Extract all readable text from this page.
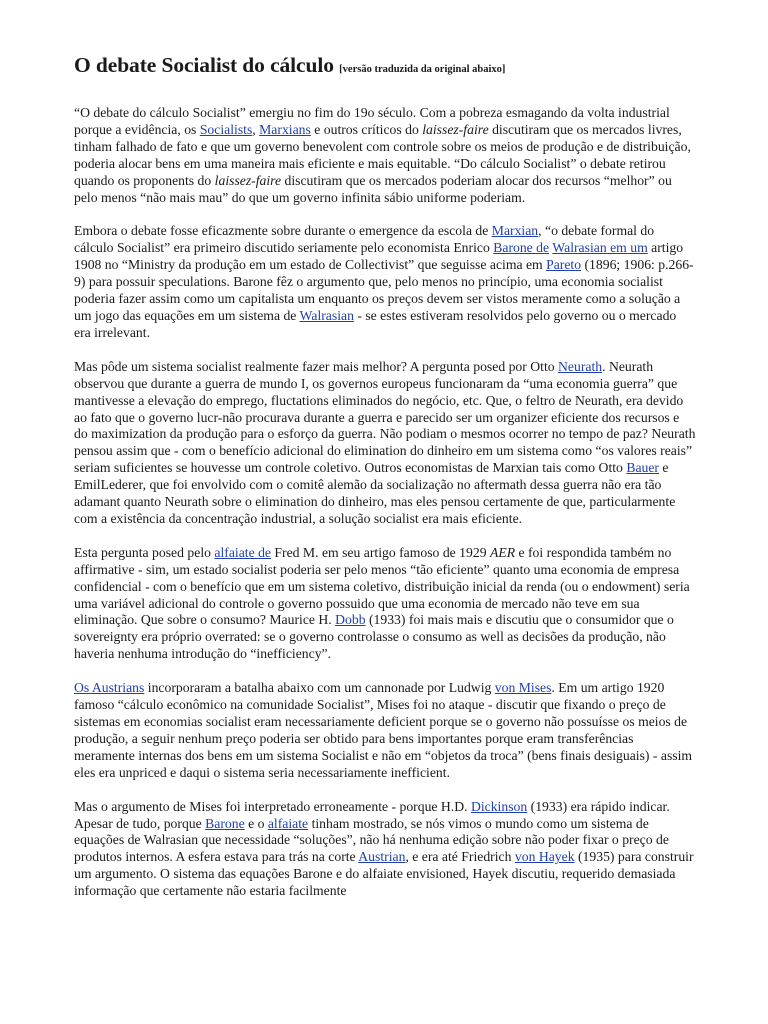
O debate Socialist do cálculo [versão traduzida da original abaixo]

“O debate do cálculo Socialist” emergiu no fim do 19o século. Com a pobreza esmagando da volta industrial porque a evidência, os Socialists, Marxians e outros críticos do laissez-faire discutiram que os mercados livres, tinham falhado de fato e que um governo benevolent com controle sobre os meios de produção e de distribuição, poderia alocar bens em uma maneira mais eficiente e mais equitable. “Do cálculo Socialist” o debate retirou quando os proponents do laissez-faire discutiram que os mercados poderiam alocar dos recursos “melhor” ou pelo menos “não mais mau” do que um governo infinita sábio uniforme poderiam.

Embora o debate fosse eficazmente sobre durante o emergence da escola de Marxian, “o debate formal do cálculo Socialist” era primeiro discutido seriamente pelo economista Enrico Barone de Walrasian em um artigo 1908 no “Ministry da produção em um estado de Collectivist” que seguisse acima em Pareto (1896; 1906: p.266-9) para possuir speculations. Barone fêz o argumento que, pelo menos no princípio, uma economia socialist poderia fazer assim como um capitalista um enquanto os preços devem ser vistos meramente como a solução a um jogo das equações em um sistema de Walrasian - se estes estiveram resolvidos pelo governo ou o mercado era irrelevant.

Mas pôde um sistema socialist realmente fazer mais melhor? A pergunta posed por Otto Neurath. Neurath observou que durante a guerra de mundo I, os governos europeus funcionaram da “uma economia guerra” que mantivesse a elevação do emprego, fluctations eliminados do negócio, etc. Que, o feltro de Neurath, era devido ao fato que o governo lucr-não procurava durante a guerra e parecido ser um organizer eficiente dos recursos e do maximization da produção para o esforço da guerra. Não podiam o mesmos ocorrer no tempo de paz? Neurath pensou assim que - com o benefício adicional do elimination do dinheiro em um sistema como “os valores reais” seriam suficientes se houvesse um controle coletivo. Outros economistas de Marxian tais como Otto Bauer e EmilLederer, que foi envolvido com o comitê alemão da socialização no aftermath dessa guerra não era tão adamant quanto Neurath sobre o elimination do dinheiro, mas eles pensou certamente de que, particularmente com a existência da concentração industrial, a solução socialist era mais eficiente.

Esta pergunta posed pelo alfaiate de Fred M. em seu artigo famoso de 1929 AER e foi respondida também no affirmative - sim, um estado socialist poderia ser pelo menos “tão eficiente” quanto uma economia de empresa confidencial - com o benefício que em um sistema coletivo, distribuição inicial da renda (ou o endowment) seria uma variável adicional do controle o governo possuido que uma economia de mercado não teve em sua eliminação. Que sobre o consumo? Maurice H. Dobb (1933) foi mais mais e discutiu que o consumidor que o sovereignty era próprio overrated: se o governo controlasse o consumo as well as decisões da produção, não haveria nenhuma introdução do “inefficiency”.

Os Austrians incorporaram a batalha abaixo com um cannonade por Ludwig von Mises. Em um artigo 1920 famoso “cálculo econômico na comunidade Socialist”, Mises foi no ataque - discutir que fixando o preço de sistemas em economias socialist eram necessariamente deficient porque se o governo não possuísse os meios de produção, a seguir nenhum preço poderia ser obtido para bens importantes porque eram transferências meramente internas dos bens em um sistema Socialist e não em “objetos da troca” (bens finais desiguais) - assim eles era unpriced e daqui o sistema seria necessariamente inefficient.

Mas o argumento de Mises foi interpretado erroneamente - porque H.D. Dickinson (1933) era rápido indicar. Apesar de tudo, porque Barone e o alfaiate tinham mostrado, se nós vimos o mundo como um sistema de equações de Walrasian que necessidade “soluções”, não há nenhuma edição sobre não poder fixar o preço de produtos internos. A esfera estava para trás na corte Austrian, e era até Friedrich von Hayek (1935) para construir um argumento. O sistema das equações Barone e do alfaiate envisioned, Hayek discutiu, requerido demasiada informação que certamente não estaria facilmente
